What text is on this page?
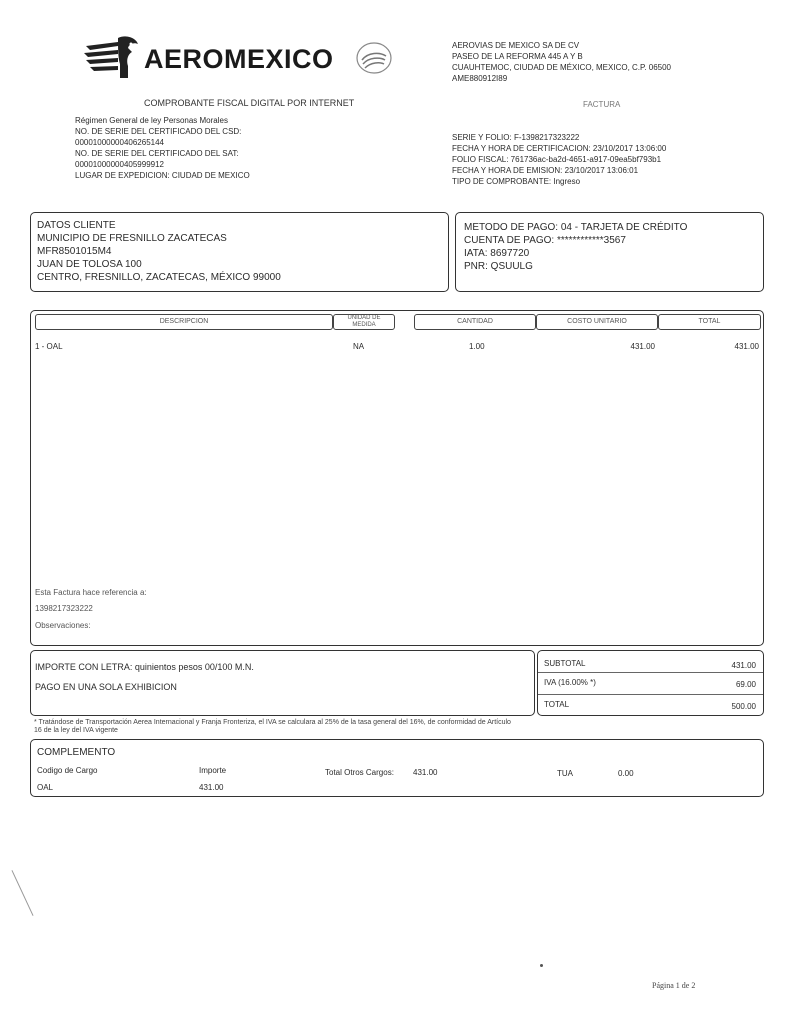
AEROMEXICO
COMPROBANTE FISCAL DIGITAL POR INTERNET
AEROVIAS DE MEXICO SA DE CV
PASEO DE LA REFORMA 445 A Y B
CUAUHTEMOC, CIUDAD DE MÉXICO, MEXICO, C.P. 06500
AME880912I89
FACTURA
Régimen General de ley Personas Morales
NO. DE SERIE DEL CERTIFICADO DEL CSD:
00001000000406265144
NO. DE SERIE DEL CERTIFICADO DEL SAT:
00001000000405999912
LUGAR DE EXPEDICION: CIUDAD DE MEXICO
SERIE Y FOLIO: F-1398217323222
FECHA Y HORA DE CERTIFICACION: 23/10/2017 13:06:00
FOLIO FISCAL: 761736ac-ba2d-4651-a917-09ea5bf793b1
FECHA Y HORA DE EMISION: 23/10/2017 13:06:01
TIPO DE COMPROBANTE: Ingreso
DATOS CLIENTE
MUNICIPIO DE FRESNILLO ZACATECAS
MFR8501015M4
JUAN DE TOLOSA 100
CENTRO, FRESNILLO, ZACATECAS, MÉXICO 99000
METODO DE PAGO: 04 - TARJETA DE CRÉDITO
CUENTA DE PAGO: ************3567
IATA: 8697720
PNR: QSUULG
DESCRIPCION	UNIDAD DE MEDIDA	CANTIDAD	COSTO UNITARIO	TOTAL
1 - OAL	NA	1.00	431.00	431.00
Esta Factura hace referencia a:
1398217323222
Observaciones:
IMPORTE CON LETRA: quinientos pesos 00/100 M.N.
PAGO EN UNA SOLA EXHIBICION
SUBTOTAL	431.00
IVA (16.00% *)	69.00
TOTAL	500.00
* Tratándose de Transportación Aerea Internacional y Franja Fronteriza, el IVA se calculara al 25% de la tasa general del 16%, de conformidad de Artículo 16 de la ley del IVA vigente
COMPLEMENTO
Codigo de Cargo	Importe	Total Otros Cargos: 431.00	TUA	0.00
OAL	431.00
Página 1 de 2
